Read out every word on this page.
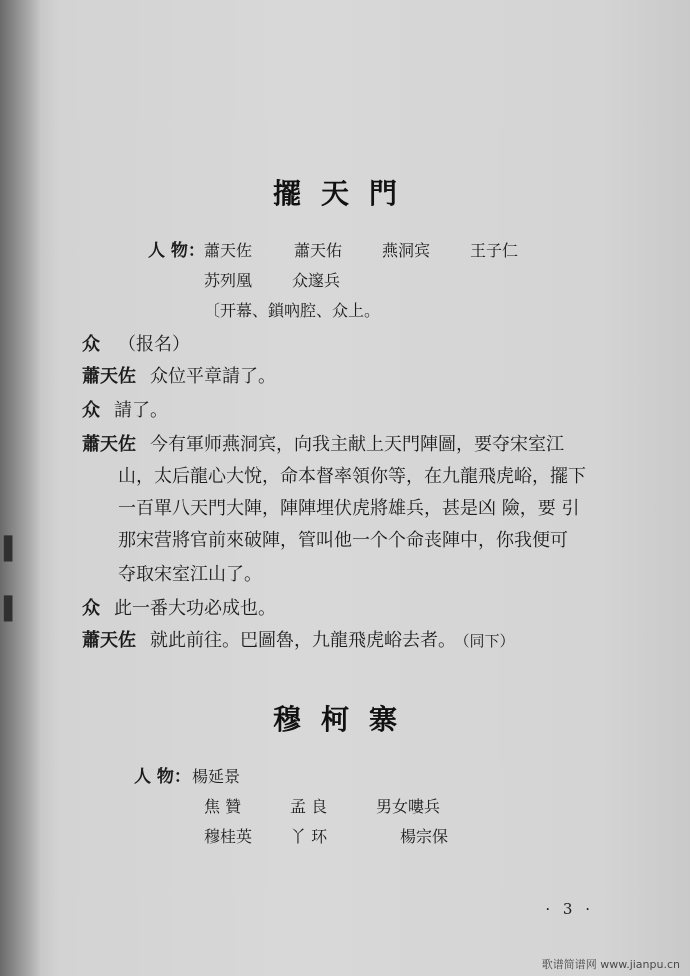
▌
▌
擺天門
人 物： 蕭天佐	蕭天佑 燕洞宾 王子仁
苏列凰 众邃兵
〔开幕、鎖吶腔、众上。
众 （报名）
蕭天佐 众位平章請了。
众 請了。
蕭天佐 今有軍师燕洞宾，向我主献上天門陣圖，要夺宋室江
山，太后龍心大悅，命本督率領你等，在九龍飛虎峪，擺下
一百單八天門大陣，陣陣埋伏虎將雄兵，甚是凶 險，要 引
那宋营將官前來破陣，管叫他一个个命丧陣中，你我便可
夺取宋室江山了。
众 此一番大功必成也。
蕭天佐 就此前往。巴圖魯，九龍飛虎峪去者。 （同下）
穆柯寨
人 物： 楊延景
焦 贊	孟 良	男女嘍兵
穆桂英 丫 环	楊宗保
· 3 ·
歌谱简谱网 www.jianpu.cn
